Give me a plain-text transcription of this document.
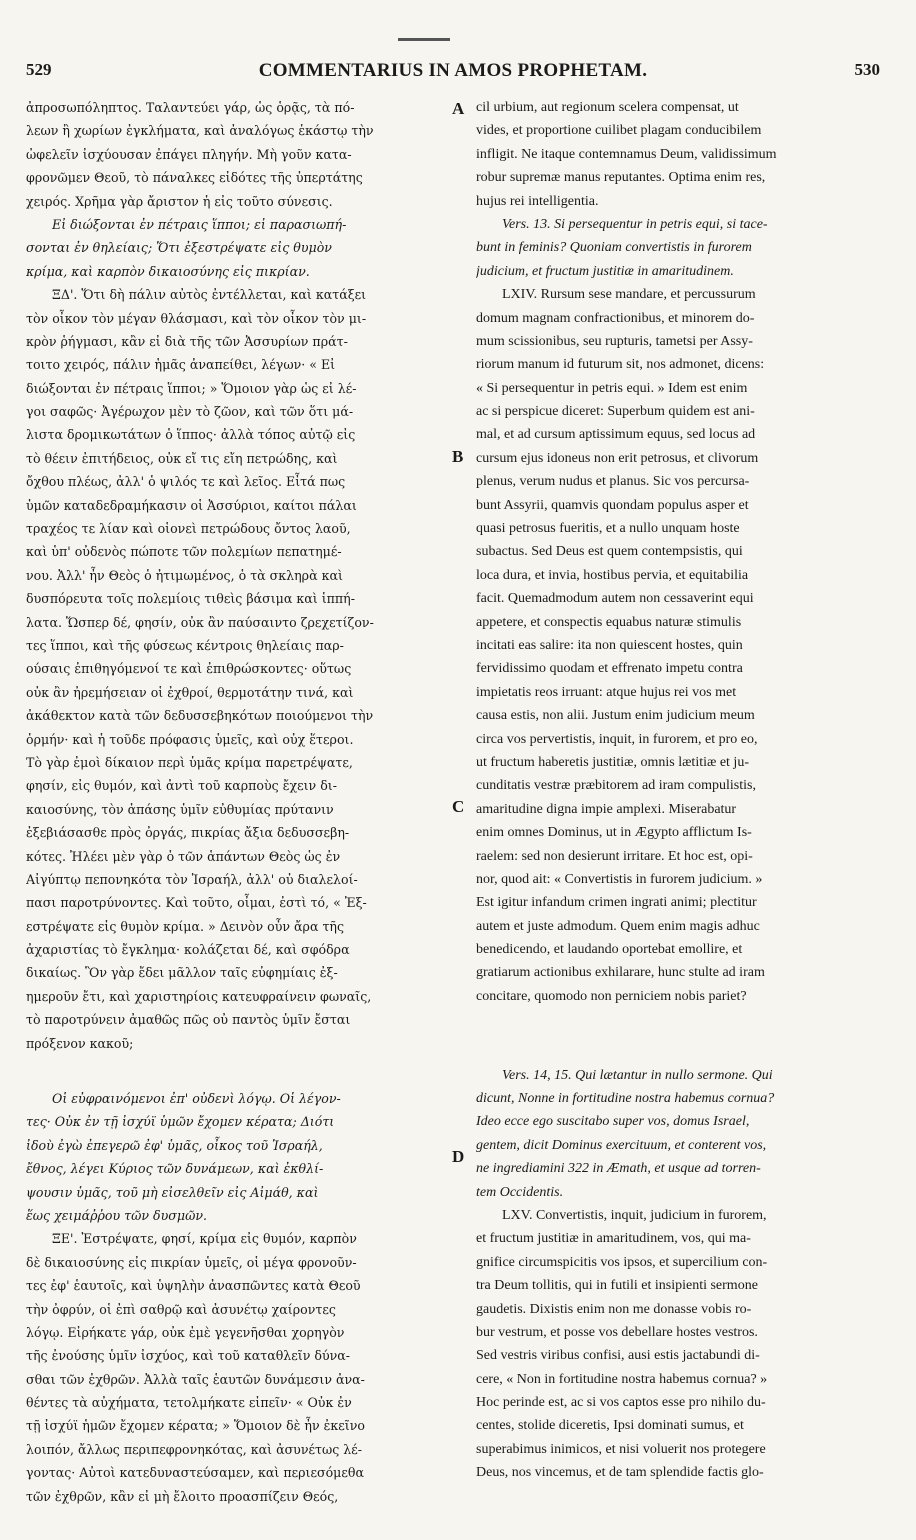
529	COMMENTARIUS IN AMOS PROPHETAM.	530
ἀπροσωπόληπτος. Ταλαντεύει γάρ, ὡς ὁρᾷς, τὰ πό-
λεων ἢ χωρίων ἐγκλήματα, καὶ ἀναλόγως ἑκάστῳ τὴν
ὠφελεῖν ἰσχύουσαν ἐπάγει πληγήν. Μὴ γοῦν κατα-
φρονῶμεν Θεοῦ, τὸ πάναλκες εἰδότες τῆς ὑπερτάτης
χειρός. Χρῆμα γὰρ ἄριστον ἡ εἰς τοῦτο σύνεσις.
Εἰ διώξονται ἐν πέτραις ἵπποι; εἰ παρασιωπή-
σονται ἐν θηλείαις; Ὅτι ἐξεστρέψατε εἰς θυμὸν
κρίμα, καὶ καρπὸν δικαιοσύνης εἰς πικρίαν.
ΞΔ'. Ὅτι δὴ πάλιν αὐτὸς ἐντέλλεται, καὶ κατάξει
τὸν οἶκον τὸν μέγαν θλάσμασι, καὶ τὸν οἶκον τὸν μι-
κρὸν ῥήγμασι, κἂν εἰ διὰ τῆς τῶν Ἀσσυρίων πράτ-
τοιτο χειρός, πάλιν ἡμᾶς ἀναπείθει, λέγων· « Εἰ
διώξονται ἐν πέτραις ἵπποι; » Ὅμοιον γὰρ ὡς εἰ λέ-
γοι σαφῶς· Ἀγέρωχον μὲν τὸ ζῶον, καὶ τῶν ὅτι μά-
λιστα δρομικωτάτων ὁ ἵππος· ἀλλὰ τόπος αὐτῷ εἰς
τὸ θέειν ἐπιτήδειος, οὐκ εἴ τις εἴη πετρώδης, καὶ
ὄχθου πλέως, ἀλλ' ὁ ψιλός τε καὶ λεῖος. Εἶτά πως
ὑμῶν καταδεδραμήκασιν οἱ Ἀσσύριοι, καίτοι πάλαι
τραχέος τε λίαν καὶ οἱονεὶ πετρώδους ὄντος λαοῦ,
καὶ ὑπ' οὐδενὸς πώποτε τῶν πολεμίων πεπατημέ-
νου. Ἀλλ' ἦν Θεὸς ὁ ἠτιμωμένος, ὁ τὰ σκληρὰ καὶ
δυσπόρευτα τοῖς πολεμίοις τιθεὶς βάσιμα καὶ ἱππή-
λατα. Ὥσπερ δέ, φησίν, οὐκ ἂν παύσαιντο ζρεχετίζον-
τες ἵπποι, καὶ τῆς φύσεως κέντροις θηλείαις παρ-
ούσαις ἐπιθηγόμενοί τε καὶ ἐπιθρώσκοντες· οὕτως
οὐκ ἂν ἠρεμήσειαν οἱ ἐχθροί, θερμοτάτην τινά, καὶ
ἀκάθεκτον κατὰ τῶν δεδυσσεβηκότων ποιούμενοι τὴν
ὁρμήν· καὶ ἡ τοῦδε πρόφασις ὑμεῖς, καὶ οὐχ ἕτεροι.
Τὸ γὰρ ἐμοὶ δίκαιον περὶ ὑμᾶς κρίμα παρετρέψατε,
φησίν, εἰς θυμόν, καὶ ἀντὶ τοῦ καρποὺς ἔχειν δι-
καιοσύνης, τὸν ἁπάσης ὑμῖν εὐθυμίας πρύτανιν
ἐξεβιάσασθε πρὸς ὀργάς, πικρίας ἄξια δεδυσσεβη-
κότες. Ἠλέει μὲν γὰρ ὁ τῶν ἁπάντων Θεὸς ὡς ἐν
Αἰγύπτῳ πεπονηκότα τὸν Ἰσραήλ, ἀλλ' οὐ διαλελοί-
πασι παροτρύνοντες. Καὶ τοῦτο, οἶμαι, ἐστὶ τό, « Ἐξ-
εστρέψατε εἰς θυμὸν κρίμα. » Δεινὸν οὖν ἄρα τῆς
ἀχαριστίας τὸ ἔγκλημα· κολάζεται δέ, καὶ σφόδρα
δικαίως. Ὃν γὰρ ἔδει μᾶλλον ταῖς εὐφημίαις ἐξ-
ημεροῦν ἔτι, καὶ χαριστηρίοις κατευφραίνειν φωναῖς,
τὸ παροτρύνειν ἀμαθῶς πῶς οὐ παντὸς ὑμῖν ἔσται
πρόξενον κακοῦ;
Οἱ εὐφραινόμενοι ἐπ' οὐδενὶ λόγῳ. Οἱ λέγον-
τες· Οὐκ ἐν τῇ ἰσχύϊ ὑμῶν ἔχομεν κέρατα; Διότι
ἰδοὺ ἐγὼ ἐπεγερῶ ἐφ' ὑμᾶς, οἶκος τοῦ Ἰσραήλ,
ἔθνος, λέγει Κύριος τῶν δυνάμεων, καὶ ἐκθλί-
ψουσιν ὑμᾶς, τοῦ μὴ εἰσελθεῖν εἰς Αἰμάθ, καὶ
ἕως χειμάῤῥου τῶν δυσμῶν.
ΞΕ'. Ἐστρέψατε, φησί, κρίμα εἰς θυμόν, καρπὸν
δὲ δικαιοσύνης εἰς πικρίαν ὑμεῖς, οἱ μέγα φρονοῦν-
τες ἐφ' ἑαυτοῖς, καὶ ὑψηλὴν ἀνασπῶντες κατὰ Θεοῦ
τὴν ὀφρύν, οἱ ἐπὶ σαθρῷ καὶ ἀσυνέτῳ χαίροντες
λόγῳ. Εἰρήκατε γάρ, οὐκ ἐμὲ γεγενῆσθαι χορηγὸν
τῆς ἐνούσης ὑμῖν ἰσχύος, καὶ τοῦ καταθλεῖν δύνα-
σθαι τῶν ἐχθρῶν. Ἀλλὰ ταῖς ἑαυτῶν δυνάμεσιν ἀνα-
θέντες τὰ αὐχήματα, τετολμήκατε εἰπεῖν· « Οὐκ ἐν
τῇ ἰσχύϊ ἡμῶν ἔχομεν κέρατα; » Ὅμοιον δὲ ἦν ἐκεῖνο
λοιπόν, ἄλλως περιπεφρονηκότας, καὶ ἀσυνέτως λέ-
γοντας· Αὐτοὶ κατεδυναστεύσαμεν, καὶ περιεσόμεθα
τῶν ἐχθρῶν, κἂν εἰ μὴ ἔλοιτο προασπίζειν Θεός,
cil urbium, aut regionum scelera compensat, ut
vides, et proportione cuilibet plagam conducibilem
infligit. Ne itaque contemnamus Deum, validissimum
robur supremæ manus reputantes. Optima enim res,
hujus rei intelligentia.
Vers. 13. Si persequentur in petris equi, si tace-
bunt in feminis? Quoniam convertistis in furorem
judicium, et fructum justitiæ in amaritudinem.
LXIV. Rursum sese mandare, et percussurum
domum magnam confractionibus, et minorem do-
mum scissionibus, seu rupturis, tametsi per Assy-
riorum manum id futurum sit, nos admonet, dicens:
« Si persequentur in petris equi. » Idem est enim
ac si perspicue diceret: Superbum quidem est ani-
mal, et ad cursum aptissimum equus, sed locus ad
cursum ejus idoneus non erit petrosus, et clivorum
plenus, verum nudus et planus. Sic vos percursa-
bunt Assyrii, quamvis quondam populus asper et
quasi petrosus fueritis, et a nullo unquam hoste
subactus. Sed Deus est quem contempsistis, qui
loca dura, et invia, hostibus pervia, et equitabilia
facit. Quemadmodum autem non cessaverint equi
appetere, et conspectis equabus naturæ stimulis
incitati eas salire: ita non quiescent hostes, quin
fervidissimo quodam et effrenato impetu contra
impietatis reos irruant: atque hujus rei vos met
causa estis, non alii. Justum enim judicium meum
circa vos pervertistis, inquit, in furorem, et pro eo,
ut fructum haberetis justitiæ, omnis lætitiæ et ju-
cunditatis vestræ præbitorem ad iram compulistis,
amaritudine digna impie amplexi. Miserabatur
enim omnes Dominus, ut in Ægypto afflictum Is-
raelem: sed non desierunt irritare. Et hoc est, opi-
nor, quod ait: « Convertistis in furorem judicium. »
Est igitur infandum crimen ingrati animi; plectitur
autem et juste admodum. Quem enim magis adhuc
benedicendo, et laudando oportebat emollire, et
gratiarum actionibus exhilarare, hunc stulte ad iram
concitare, quomodo non perniciem nobis pariet?
Vers. 14, 15. Qui lætantur in nullo sermone. Qui
dicunt, Nonne in fortitudine nostra habemus cornua?
Ideo ecce ego suscitabo super vos, domus Israel,
gentem, dicit Dominus exercituum, et conterent vos,
ne ingrediamini 322 in Æmath, et usque ad torren-
tem Occidentis.
LXV. Convertistis, inquit, judicium in furorem,
et fructum justitiæ in amaritudinem, vos, qui ma-
gnifice circumspicitis vos ipsos, et supercilium con-
tra Deum tollitis, qui in futili et insipienti sermone
gaudetis. Dixistis enim non me donasse vobis ro-
bur vestrum, et posse vos debellare hostes vestros.
Sed vestris viribus confisi, ausi estis jactabundi di-
cere, « Non in fortitudine nostra habemus cornua? »
Hoc perinde est, ac si vos captos esse pro nihilo du-
centes, stolide diceretis, Ipsi dominati sumus, et
superabimus inimicos, et nisi voluerit nos protegere
Deus, nos vincemus, et de tam splendide factis glo-
A
B
C
D
